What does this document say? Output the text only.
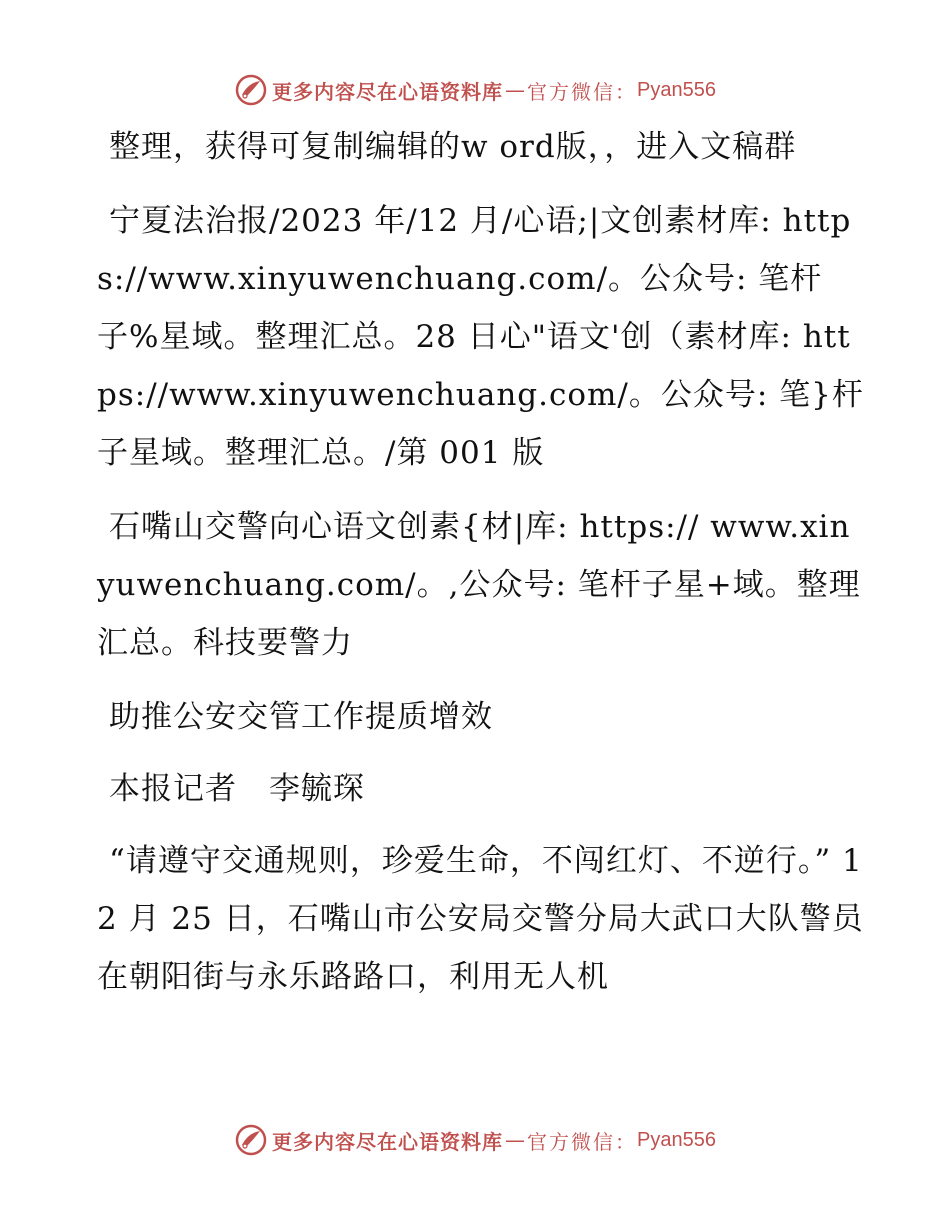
更多内容尽在心语资料库 — 官方微信： Pyan556

整理，获得可复制编辑的w ord版，，进入文稿群

宁夏法治报/2023 年/12 月/心语;|文创素材库: https://www.xinyuwenchuang.com/。公众号: 笔杆子%星域。整理汇总。28 日心"语文'创（素材库: https://www.xinyuwenchuang.com/。公众号: 笔}杆子星域。整理汇总。/第 001 版

石嘴山交警向心语文创素{材|库: https:// www.xinyuwenchuang.com/。,公众号: 笔杆子星+域。整理汇总。科技要警力

助推公安交管工作提质增效

本报记者　李毓琛

“请遵守交通规则，珍爱生命，不闯红灯、不逆行。” 12 月 25 日，石嘴山市公安局交警分局大武口大队警员在朝阳街与永乐路路口，利用无人机

更多内容尽在心语资料库 — 官方微信： Pyan556
